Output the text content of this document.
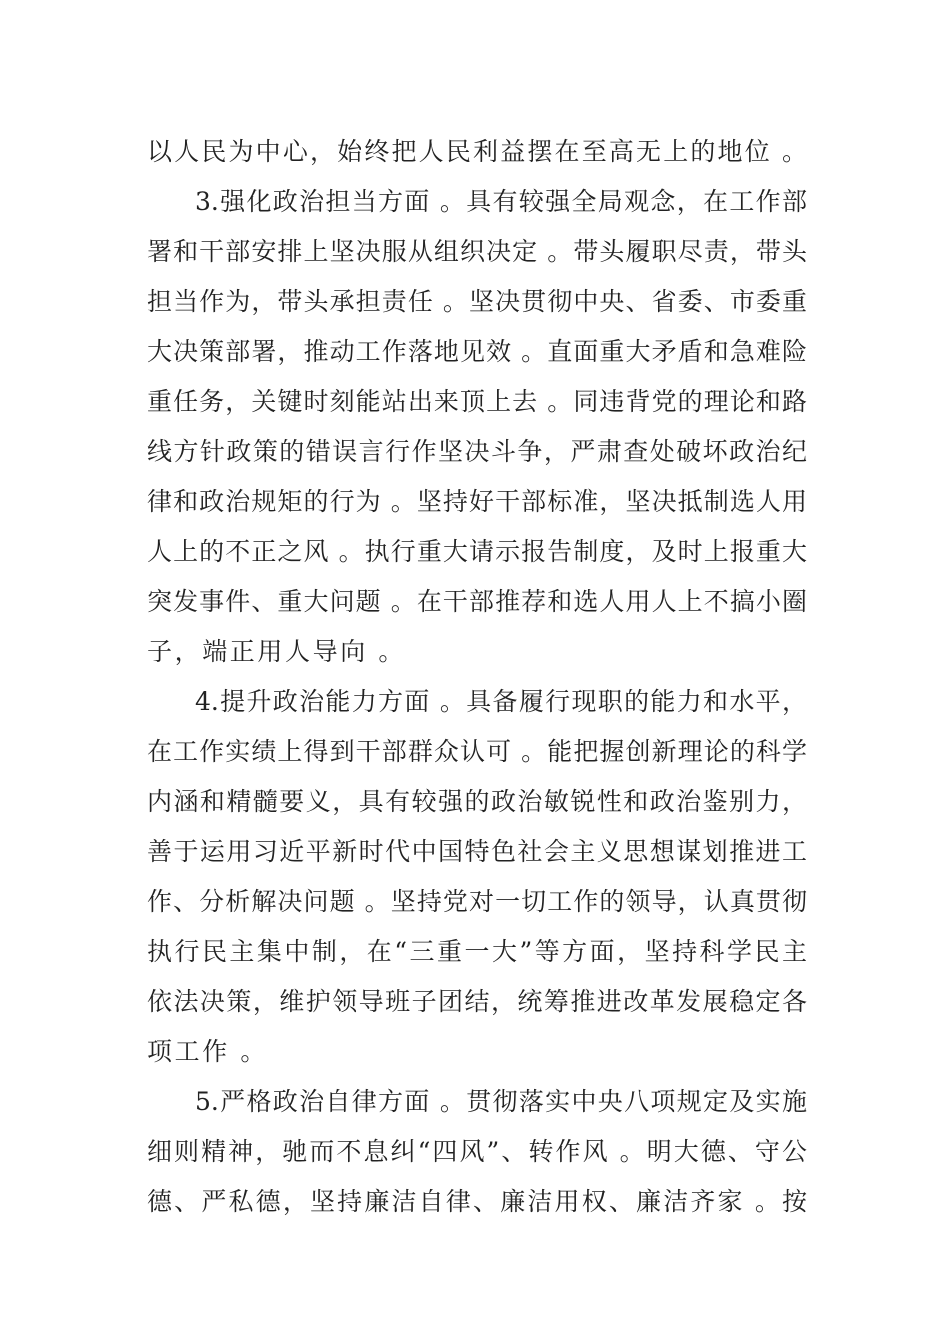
以人民为中心，始终把人民利益摆在至高无上的地位 。
3.强化政治担当方面 。具有较强全局观念，在工作部
署和干部安排上坚决服从组织决定 。带头履职尽责，带头
担当作为，带头承担责任 。坚决贯彻中央、省委、市委重
大决策部署，推动工作落地见效 。直面重大矛盾和急难险
重任务，关键时刻能站出来顶上去 。同违背党的理论和路
线方针政策的错误言行作坚决斗争，严肃查处破坏政治纪
律和政治规矩的行为 。坚持好干部标准，坚决抵制选人用
人上的不正之风 。执行重大请示报告制度，及时上报重大
突发事件、重大问题 。在干部推荐和选人用人上不搞小圈
子，端正用人导向 。
4.提升政治能力方面 。具备履行现职的能力和水平，
在工作实绩上得到干部群众认可 。能把握创新理论的科学
内涵和精髓要义，具有较强的政治敏锐性和政治鉴别力，
善于运用习近平新时代中国特色社会主义思想谋划推进工
作、分析解决问题 。坚持党对一切工作的领导，认真贯彻
执行民主集中制，在“三重一大”等方面，坚持科学民主
依法决策，维护领导班子团结，统筹推进改革发展稳定各
项工作 。
5.严格政治自律方面 。贯彻落实中央八项规定及实施
细则精神，驰而不息纠“四风”、转作风 。明大德、守公
德、严私德，坚持廉洁自律、廉洁用权、廉洁齐家 。按
